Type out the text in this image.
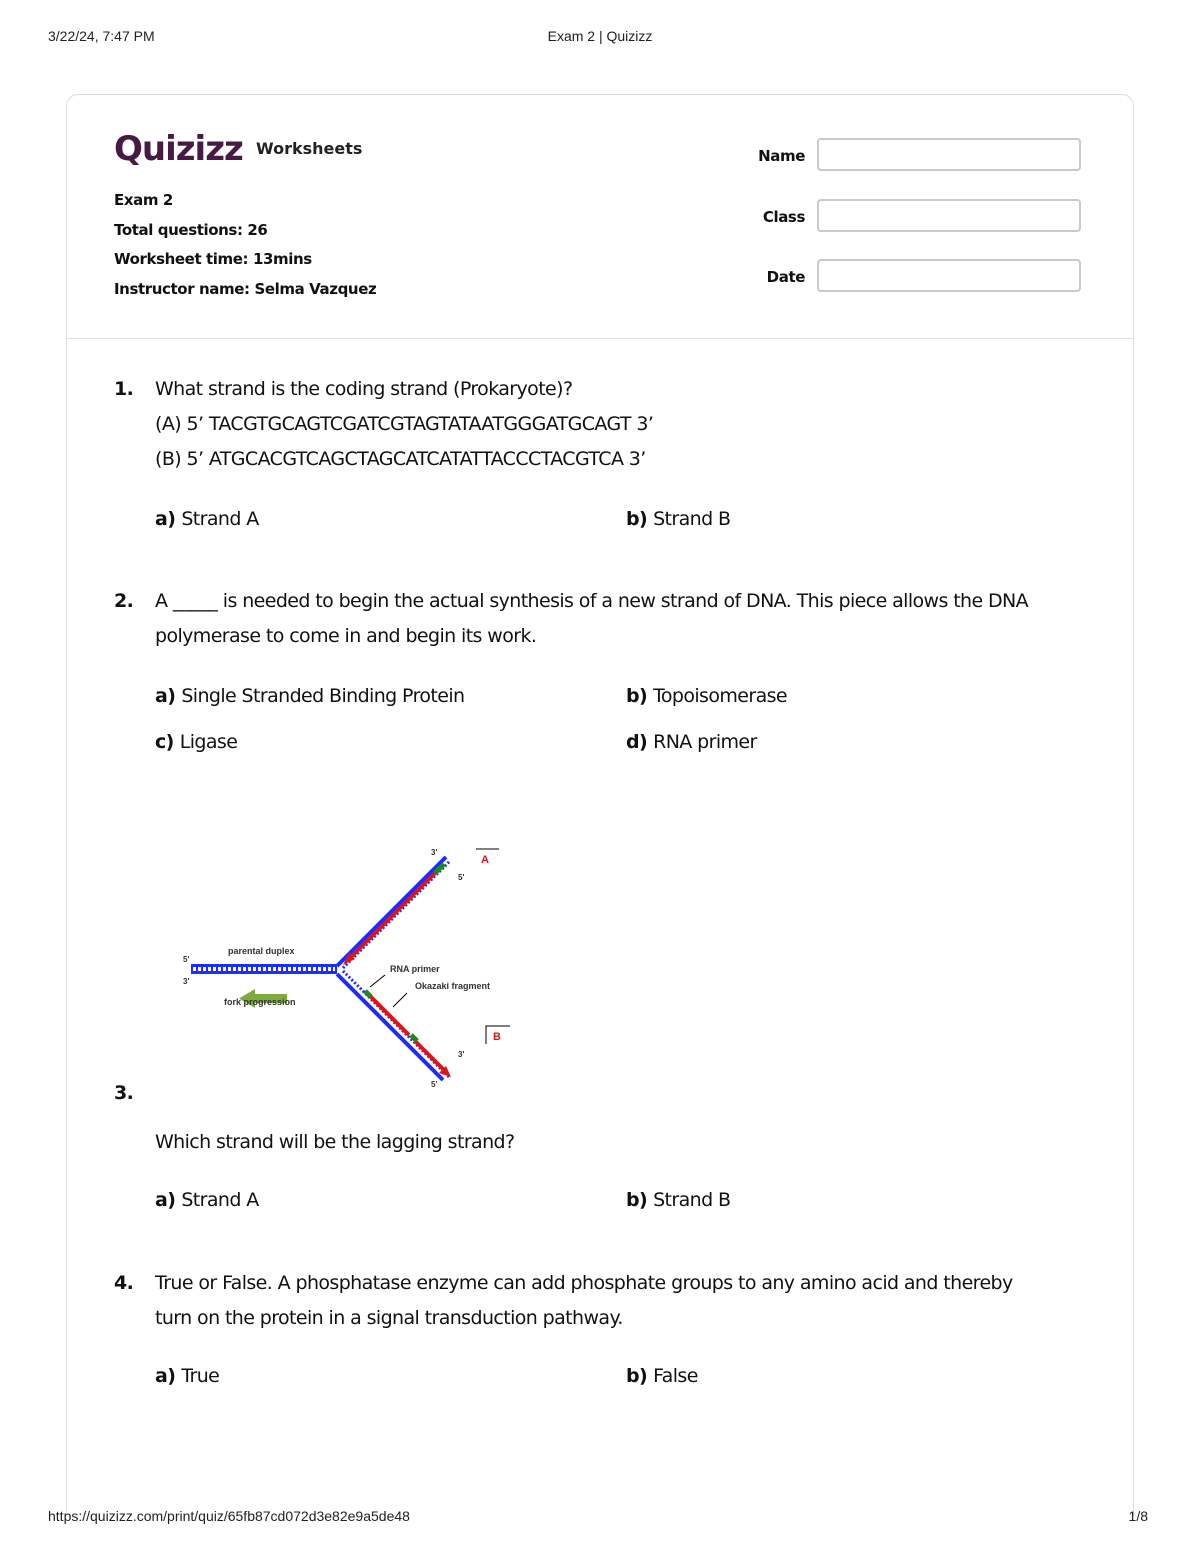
3/22/24, 7:47 PM	Exam 2 | Quizizz
Quizizz Worksheets
Exam 2
Total questions: 26
Worksheet time: 13mins
Instructor name: Selma Vazquez
Name
Class
Date
1. What strand is the coding strand (Prokaryote)?
(A) 5’ TACGTGCAGTCGATCGTAGTATAATGGGATGCAGT 3’
(B) 5’ ATGCACGTCAGCTAGCATCATATTACCCTACGTCA 3’
a) Strand A	b) Strand B
2. A _____ is needed to begin the actual synthesis of a new strand of DNA. This piece allows the DNA
polymerase to come in and begin its work.
a) Single Stranded Binding Protein	b) Topoisomerase
c) Ligase	d) RNA primer
A
B
parental duplex
fork progression
RNA primer
Okazaki fragment
5'
3'
3'
5'
3'
5'
3.
Which strand will be the lagging strand?
a) Strand A	b) Strand B
4. True or False. A phosphatase enzyme can add phosphate groups to any amino acid and thereby
turn on the protein in a signal transduction pathway.
a) True	b) False
https://quizizz.com/print/quiz/65fb87cd072d3e82e9a5de48	1/8
